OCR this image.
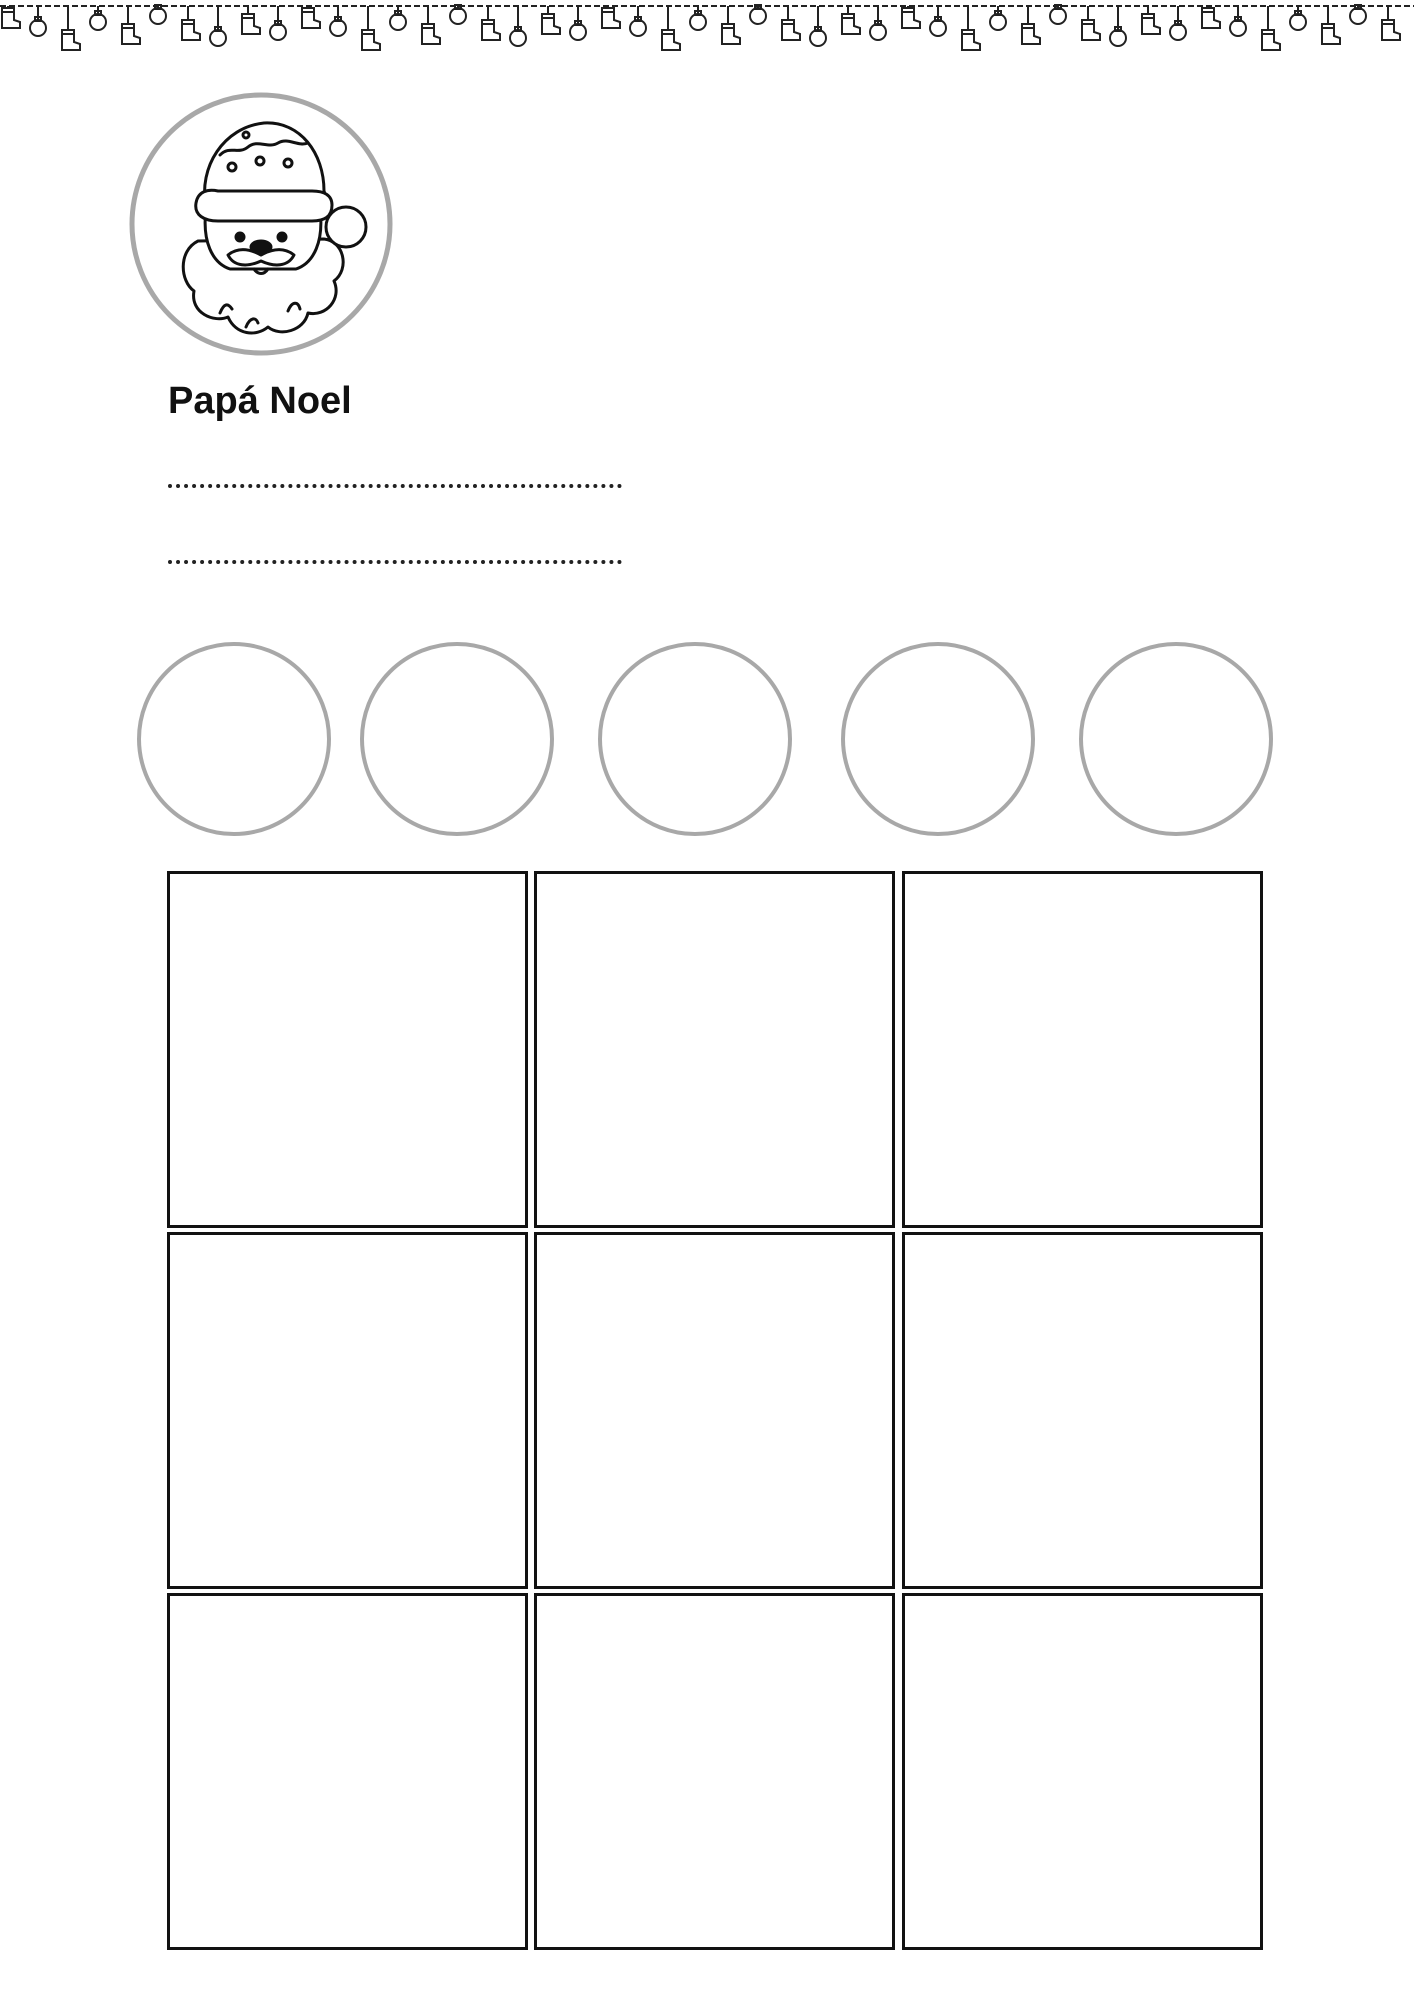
Papá Noel
